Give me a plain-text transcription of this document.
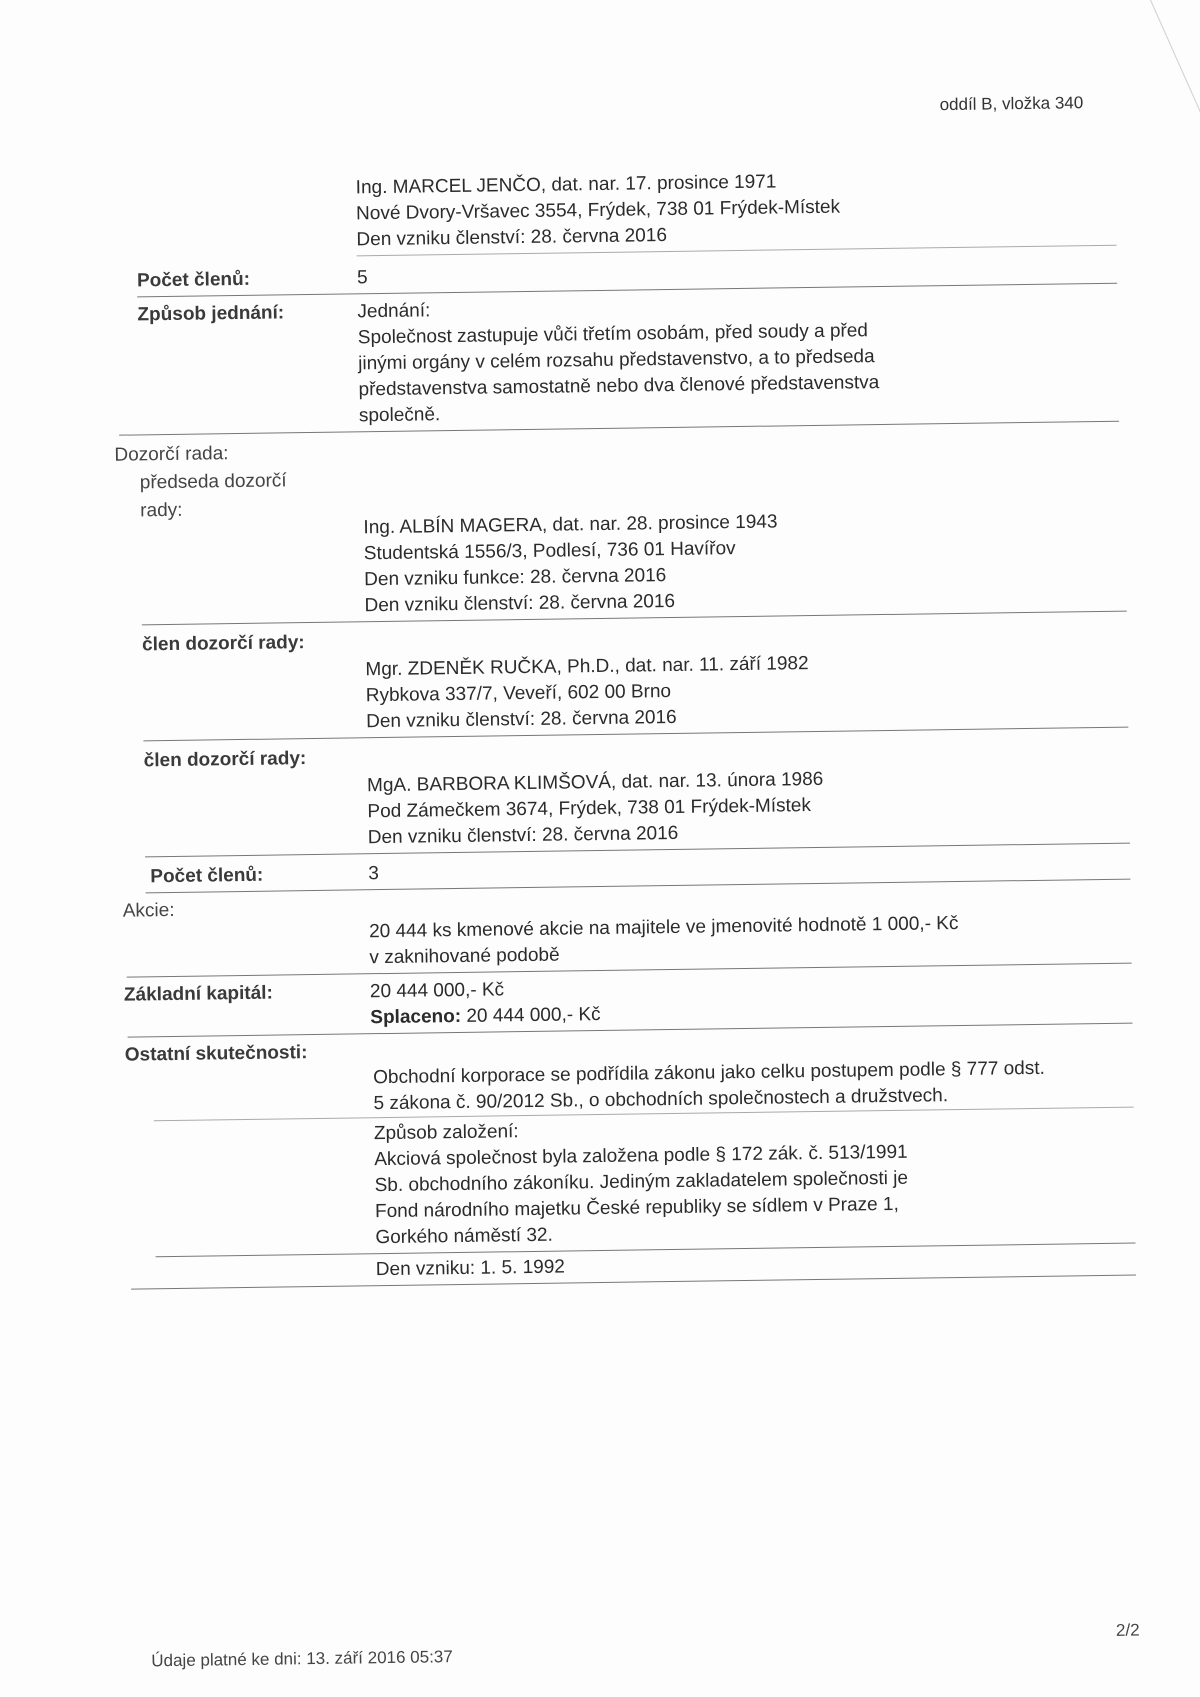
oddíl B, vložka 340
Ing. MARCEL JENČO, dat. nar. 17. prosince 1971
Nové Dvory-Vršavec 3554, Frýdek, 738 01 Frýdek-Místek
Den vzniku členství: 28. června 2016
Počet členů:	5
Způsob jednání:	Jednání:
Společnost zastupuje vůči třetím osobám, před soudy a před
jinými orgány v celém rozsahu představenstvo, a to předseda
představenstva samostatně nebo dva členové představenstva
společně.
Dozorčí rada:
předseda dozorčí
rady:
Ing. ALBÍN MAGERA, dat. nar. 28. prosince 1943
Studentská 1556/3, Podlesí, 736 01 Havířov
Den vzniku funkce: 28. června 2016
Den vzniku členství: 28. června 2016
člen dozorčí rady:
Mgr. ZDENĚK RUČKA, Ph.D., dat. nar. 11. září 1982
Rybkova 337/7, Veveří, 602 00 Brno
Den vzniku členství: 28. června 2016
člen dozorčí rady:
MgA. BARBORA KLIMŠOVÁ, dat. nar. 13. února 1986
Pod Zámečkem 3674, Frýdek, 738 01 Frýdek-Místek
Den vzniku členství: 28. června 2016
Počet členů:	3
Akcie:
20 444 ks kmenové akcie na majitele ve jmenovité hodnotě 1 000,- Kč
v zaknihované podobě
Základní kapitál:	20 444 000,- Kč
Splaceno: 20 444 000,- Kč
Ostatní skutečnosti:
Obchodní korporace se podřídila zákonu jako celku postupem podle § 777 odst.
5 zákona č. 90/2012 Sb., o obchodních společnostech a družstvech.
Způsob založení:
Akciová společnost byla založena podle § 172 zák. č. 513/1991
Sb. obchodního zákoníku. Jediným zakladatelem společnosti je
Fond národního majetku České republiky se sídlem v Praze 1,
Gorkého náměstí 32.
Den vzniku: 1. 5. 1992
Údaje platné ke dni: 13. září 2016 05:37
2/2
